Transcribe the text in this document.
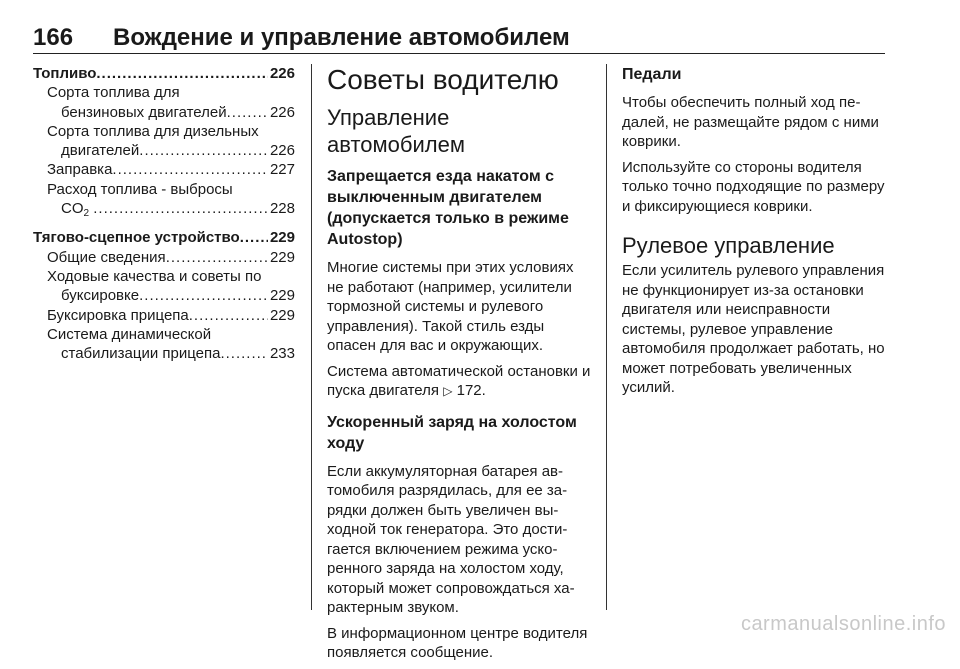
166 Вождение и управление автомобилем
Топливо .....	226
Сорта топлива для
бензиновых двигателей .....	226
Сорта топлива для дизельных
двигателей .....	226
Заправка .....	227
Расход топлива - выбросы
$CO_2$ .....	228
Тягово-сцепное устройство ..... 229
Общие сведения .....	229
Ходовые качества и советы по
буксировке .....	229
Буксировка прицепа .....	229
Система динамической
стабилизации прицепа .....	233
Советы водителю
Управление автомобилем
Запрещается езда накатом с выключенным двигателем (допускается только в режиме Autostop)
Многие системы при этих условиях не работают (например, усилители тормозной системы и рулевого управления). Такой стиль езды опасен для вас и окружающих.
Система автоматической остановки и пуска двигателя ▷ 172.
Ускоренный заряд на холостом ходу
Если аккумуляторная батарея автомобиля разрядилась, для ее зарядки должен быть увеличен выходной ток генератора. Это достигается включением режима ускоренного заряда на холостом ходу, который может сопровождаться характерным звуком.
В информационном центре водителя появляется сообщение.
Педали
Чтобы обеспечить полный ход педалей, не размещайте рядом с ними коврики.
Используйте со стороны водителя только точно подходящие по размеру и фиксирующиеся коврики.
Рулевое управление
Если усилитель рулевого управления не функционирует из-за остановки двигателя или неисправности системы, рулевое управление автомобиля продолжает работать, но может потребовать увеличенных усилий.
carmanualsonline.info
